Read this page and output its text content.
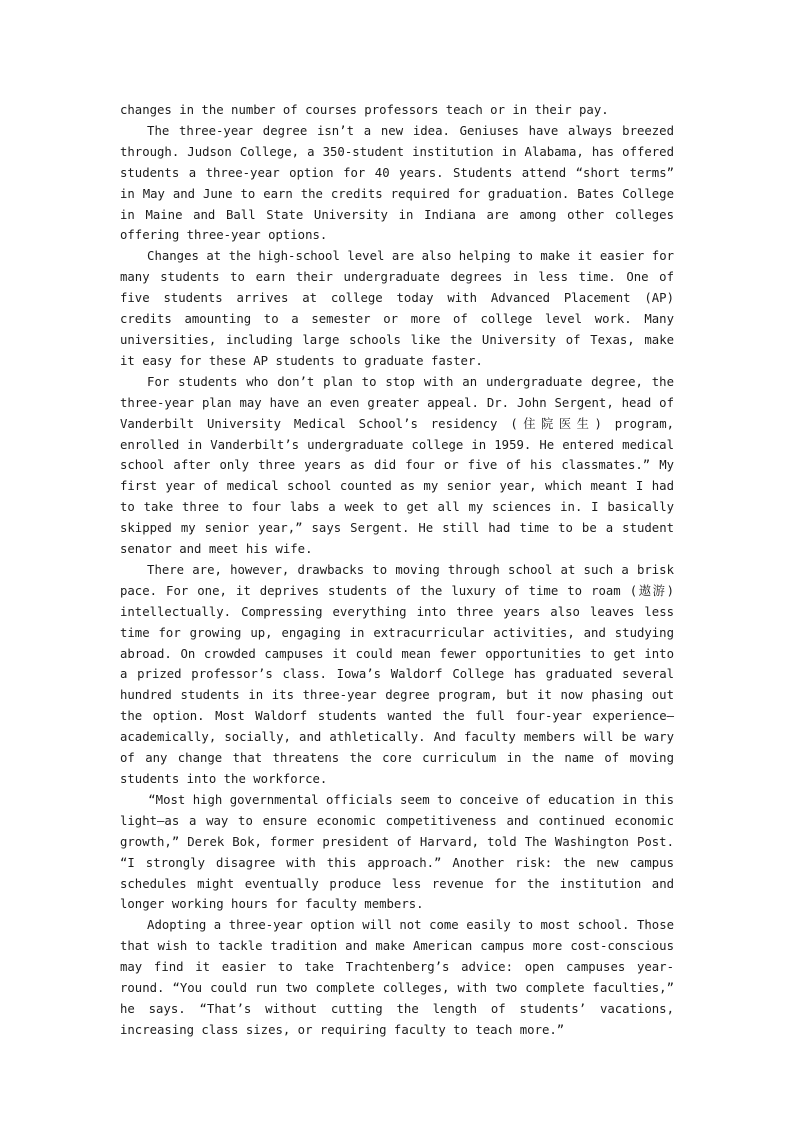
changes in the number of courses professors teach or in their pay.

The three-year degree isn’t a new idea. Geniuses have always breezed through. Judson College, a 350-student institution in Alabama, has offered students a three-year option for 40 years. Students attend “short terms” in May and June to earn the credits required for graduation. Bates College in Maine and Ball State University in Indiana are among other colleges offering three-year options.

Changes at the high-school level are also helping to make it easier for many students to earn their undergraduate degrees in less time. One of five students arrives at college today with Advanced Placement (AP) credits amounting to a semester or more of college level work. Many universities, including large schools like the University of Texas, make it easy for these AP students to graduate faster.

For students who don’t plan to stop with an undergraduate degree, the three-year plan may have an even greater appeal. Dr. John Sergent, head of Vanderbilt University Medical School’s residency (住院医生) program, enrolled in Vanderbilt’s undergraduate college in 1959. He entered medical school after only three years as did four or five of his classmates.” My first year of medical school counted as my senior year, which meant I had to take three to four labs a week to get all my sciences in. I basically skipped my senior year,” says Sergent. He still had time to be a student senator and meet his wife.

There are, however, drawbacks to moving through school at such a brisk pace. For one, it deprives students of the luxury of time to roam (遨游) intellectually. Compressing everything into three years also leaves less time for growing up, engaging in extracurricular activities, and studying abroad. On crowded campuses it could mean fewer opportunities to get into a prized professor’s class. Iowa’s Waldorf College has graduated several hundred students in its three-year degree program, but it now phasing out the option. Most Waldorf students wanted the full four-year experience—academically, socially, and athletically. And faculty members will be wary of any change that threatens the core curriculum in the name of moving students into the workforce.

“Most high governmental officials seem to conceive of education in this light—as a way to ensure economic competitiveness and continued economic growth,” Derek Bok, former president of Harvard, told The Washington Post. “I strongly disagree with this approach.” Another risk: the new campus schedules might eventually produce less revenue for the institution and longer working hours for faculty members.

Adopting a three-year option will not come easily to most school. Those that wish to tackle tradition and make American campus more cost-conscious may find it easier to take Trachtenberg’s advice: open campuses year-round. “You could run two complete colleges, with two complete faculties,” he says. “That’s without cutting the length of students’ vacations, increasing class sizes, or requiring faculty to teach more.”
